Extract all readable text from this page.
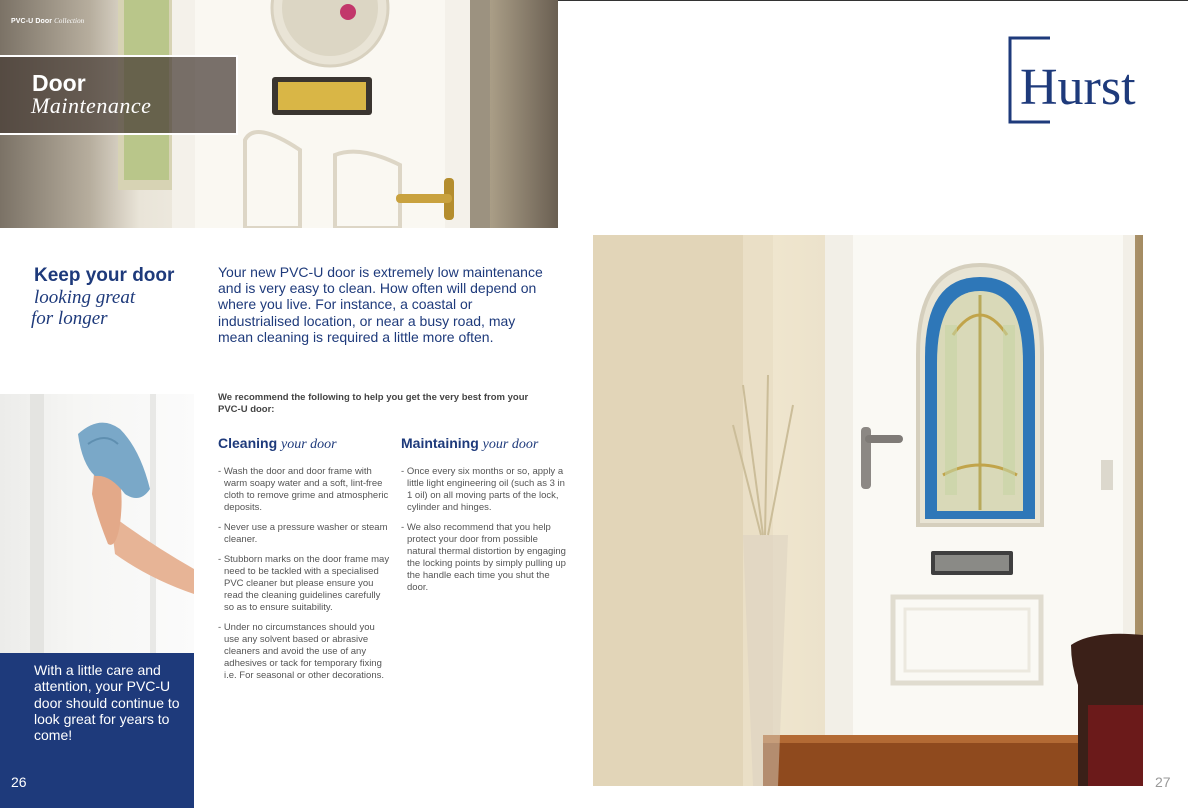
PVC-U Door Collection
Door
Maintenance
Keep your door
looking great
for longer

Your new PVC-U door is extremely low maintenance and is very easy to clean. How often will depend on where you live. For instance, a coastal or industrialised location, or near a busy road, may mean cleaning is required a little more often.

We recommend the following to help you get the very best from your PVC-U door:

Cleaning your door
- Wash the door and door frame with warm soapy water and a soft, lint-free cloth to remove grime and atmospheric deposits.
- Never use a pressure washer or steam cleaner.
- Stubborn marks on the door frame may need to be tackled with a specialised PVC cleaner but please ensure you read the cleaning guidelines carefully so as to ensure suitability.
- Under no circumstances should you use any solvent based or abrasive cleaners and avoid the use of any adhesives or tack for temporary fixing i.e. For seasonal or other decorations.
Maintaining your door
- Once every six months or so, apply a little light engineering oil (such as 3 in 1 oil) on all moving parts of the lock, cylinder and hinges.
- We also recommend that you help protect your door from possible natural thermal distortion by engaging the locking points by simply pulling up the handle each time you shut the door.

With a little care and attention, your PVC-U door should continue to look great for years to come!

26
Hurst
27
